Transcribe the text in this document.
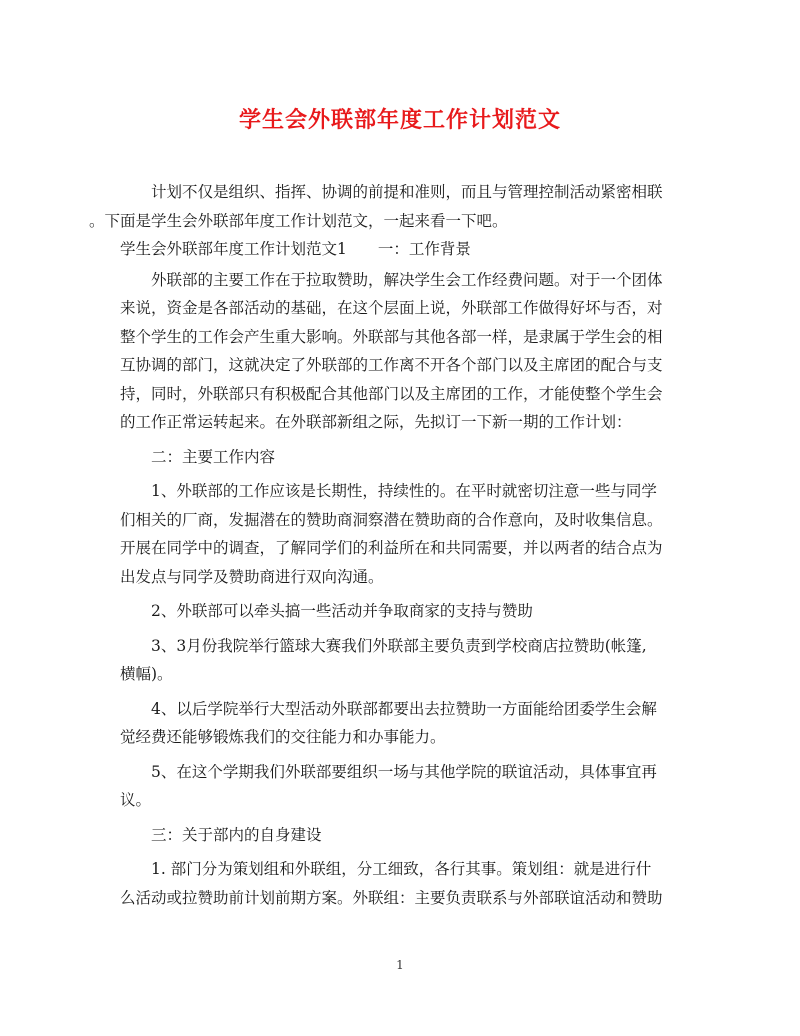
学生会外联部年度工作计划范文
计划不仅是组织、指挥、协调的前提和准则，而且与管理控制活动紧密相联
。下面是学生会外联部年度工作计划范文，一起来看一下吧。
学生会外联部年度工作计划范文1　　一：工作背景
外联部的主要工作在于拉取赞助，解决学生会工作经费问题。对于一个团体
来说，资金是各部活动的基础，在这个层面上说，外联部工作做得好坏与否，对
整个学生的工作会产生重大影响。外联部与其他各部一样，是隶属于学生会的相
互协调的部门，这就决定了外联部的工作离不开各个部门以及主席团的配合与支
持，同时，外联部只有积极配合其他部门以及主席团的工作，才能使整个学生会
的工作正常运转起来。在外联部新组之际，先拟订一下新一期的工作计划：
二：主要工作内容
1、外联部的工作应该是长期性，持续性的。在平时就密切注意一些与同学
们相关的厂商，发掘潜在的赞助商洞察潜在赞助商的合作意向，及时收集信息。
开展在同学中的调查，了解同学们的利益所在和共同需要，并以两者的结合点为
出发点与同学及赞助商进行双向沟通。
2、外联部可以牵头搞一些活动并争取商家的支持与赞助
3、3月份我院举行篮球大赛我们外联部主要负责到学校商店拉赞助(帐篷,
横幅)。
4、以后学院举行大型活动外联部都要出去拉赞助一方面能给团委学生会解
觉经费还能够锻炼我们的交往能力和办事能力。
5、在这个学期我们外联部要组织一场与其他学院的联谊活动，具体事宜再
议。
三：关于部内的自身建设
1. 部门分为策划组和外联组，分工细致，各行其事。策划组：就是进行什
么活动或拉赞助前计划前期方案。外联组：主要负责联系与外部联谊活动和赞助
1
